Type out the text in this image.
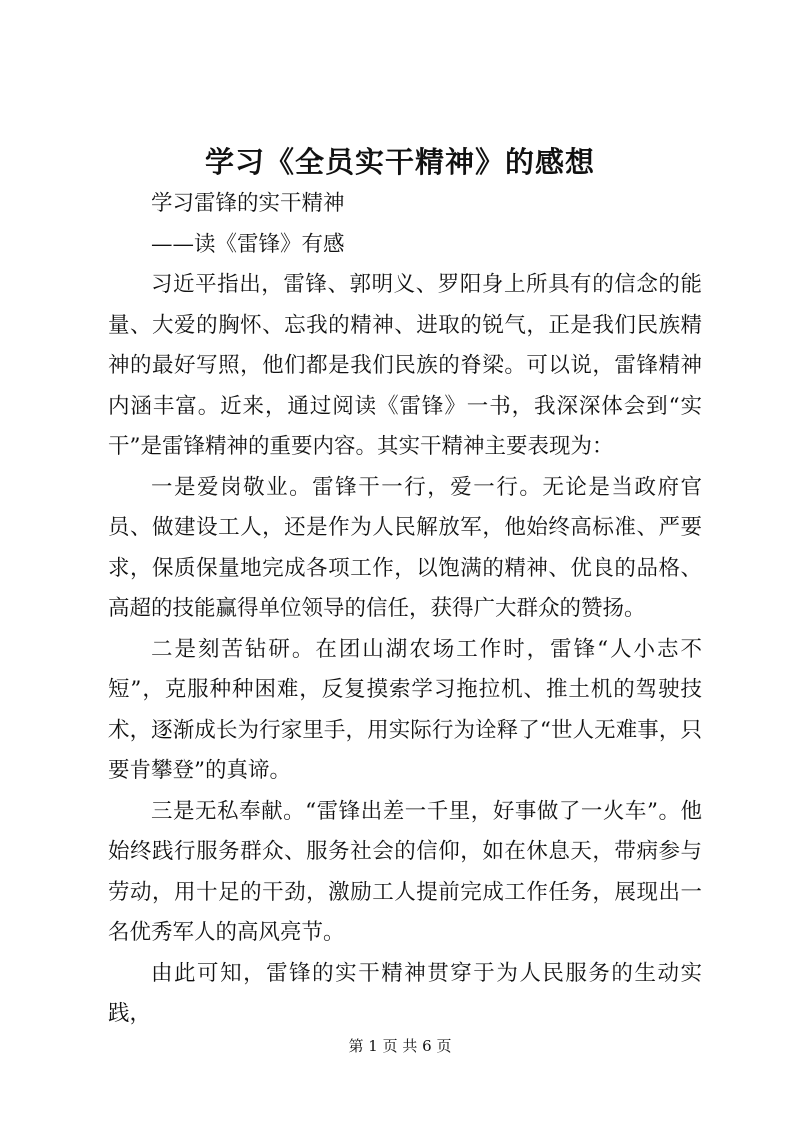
学习《全员实干精神》的感想

学习雷锋的实干精神

——读《雷锋》有感

习近平指出，雷锋、郭明义、罗阳身上所具有的信念的能量、大爱的胸怀、忘我的精神、进取的锐气，正是我们民族精神的最好写照，他们都是我们民族的脊梁。可以说，雷锋精神内涵丰富。近来，通过阅读《雷锋》一书，我深深体会到“实干”是雷锋精神的重要内容。其实干精神主要表现为：

一是爱岗敬业。雷锋干一行，爱一行。无论是当政府官员、做建设工人，还是作为人民解放军，他始终高标准、严要求，保质保量地完成各项工作，以饱满的精神、优良的品格、高超的技能赢得单位领导的信任，获得广大群众的赞扬。

二是刻苦钻研。在团山湖农场工作时，雷锋“人小志不短”，克服种种困难，反复摸索学习拖拉机、推土机的驾驶技术，逐渐成长为行家里手，用实际行为诠释了“世人无难事，只要肯攀登”的真谛。

三是无私奉献。“雷锋出差一千里，好事做了一火车”。他始终践行服务群众、服务社会的信仰，如在休息天，带病参与劳动，用十足的干劲，激励工人提前完成工作任务，展现出一名优秀军人的高风亮节。

由此可知，雷锋的实干精神贯穿于为人民服务的生动实践，

第 1 页 共 6 页
